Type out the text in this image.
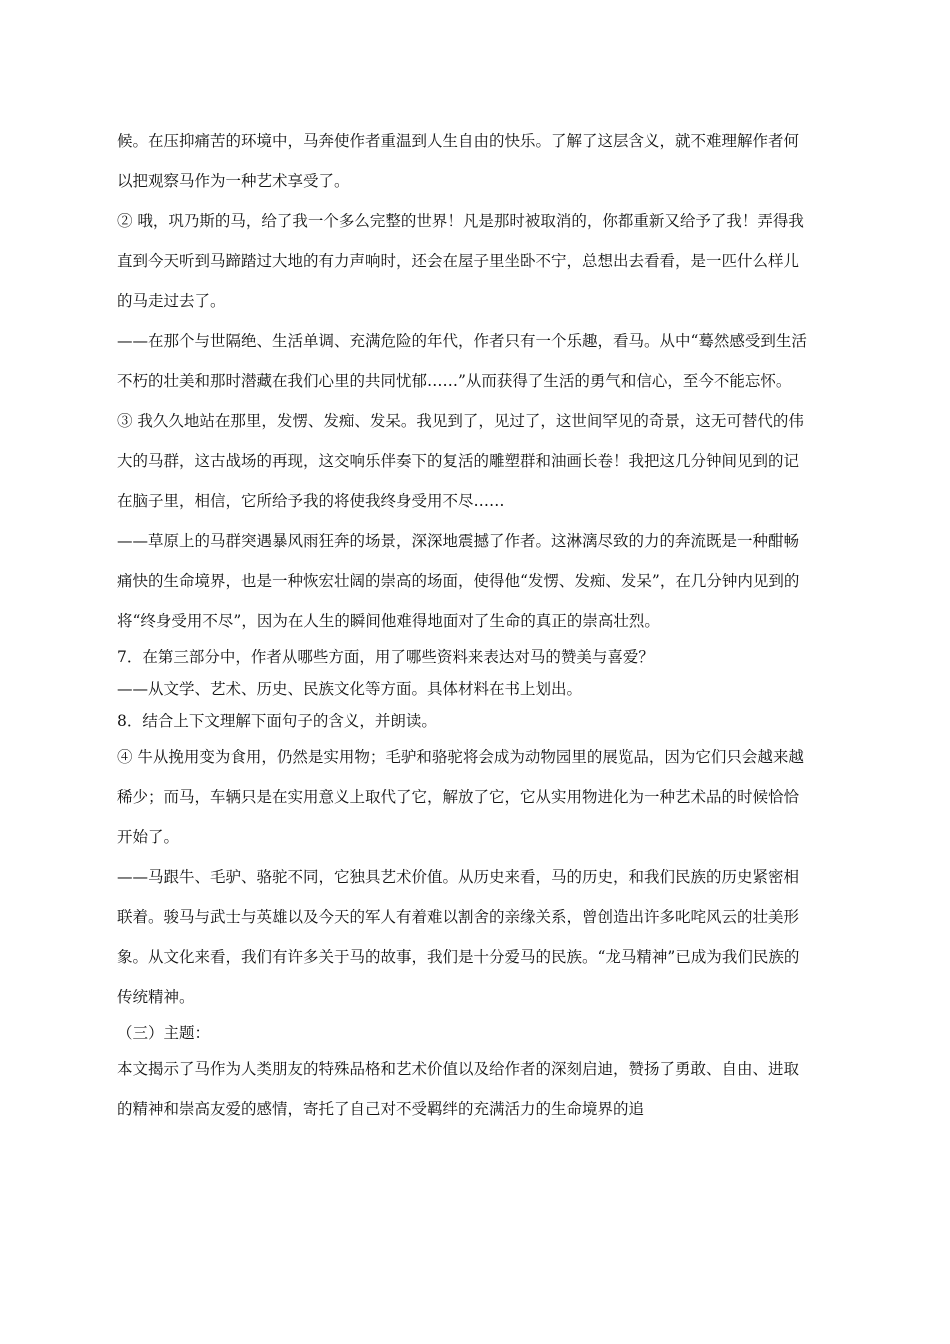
候。在压抑痛苦的环境中，马奔使作者重温到人生自由的快乐。了解了这层含义，就不难理解作者何以把观察马作为一种艺术享受了。

② 哦，巩乃斯的马，给了我一个多么完整的世界！凡是那时被取消的，你都重新又给予了我！弄得我直到今天听到马蹄踏过大地的有力声响时，还会在屋子里坐卧不宁，总想出去看看，是一匹什么样儿的马走过去了。

——在那个与世隔绝、生活单调、充满危险的年代，作者只有一个乐趣，看马。从中“蓦然感受到生活不朽的壮美和那时潜藏在我们心里的共同忧郁……”从而获得了生活的勇气和信心，至今不能忘怀。

③ 我久久地站在那里，发愣、发痴、发呆。我见到了，见过了，这世间罕见的奇景，这无可替代的伟大的马群，这古战场的再现，这交响乐伴奏下的复活的雕塑群和油画长卷！我把这几分钟间见到的记在脑子里，相信，它所给予我的将使我终身受用不尽……

——草原上的马群突遇暴风雨狂奔的场景，深深地震撼了作者。这淋漓尽致的力的奔流既是一种酣畅痛快的生命境界，也是一种恢宏壮阔的崇高的场面，使得他“发愣、发痴、发呆”，在几分钟内见到的将“终身受用不尽”，因为在人生的瞬间他难得地面对了生命的真正的崇高壮烈。

7．在第三部分中，作者从哪些方面，用了哪些资料来表达对马的赞美与喜爱？

——从文学、艺术、历史、民族文化等方面。具体材料在书上划出。

8．结合上下文理解下面句子的含义，并朗读。

④ 牛从挽用变为食用，仍然是实用物；毛驴和骆驼将会成为动物园里的展览品，因为它们只会越来越稀少；而马，车辆只是在实用意义上取代了它，解放了它，它从实用物进化为一种艺术品的时候恰恰开始了。

——马跟牛、毛驴、骆驼不同，它独具艺术价值。从历史来看，马的历史，和我们民族的历史紧密相联着。骏马与武士与英雄以及今天的军人有着难以割舍的亲缘关系，曾创造出许多叱咤风云的壮美形象。从文化来看，我们有许多关于马的故事，我们是十分爱马的民族。“龙马精神”已成为我们民族的传统精神。

（三）主题：

本文揭示了马作为人类朋友的特殊品格和艺术价值以及给作者的深刻启迪，赞扬了勇敢、自由、进取的精神和崇高友爱的感情，寄托了自己对不受羁绊的充满活力的生命境界的追
